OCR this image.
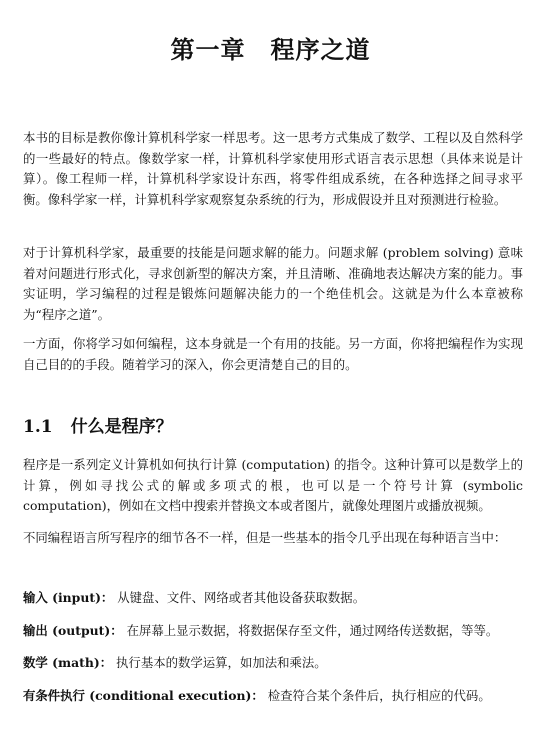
第一章　程序之道

本书的目标是教你像计算机科学家一样思考。这一思考方式集成了数学、工程以及自然科学的一些最好的特点。像数学家一样，计算机科学家使用形式语言表示思想（具体来说是计算）。像工程师一样，计算机科学家设计东西，将零件组成系统，在各种选择之间寻求平衡。像科学家一样，计算机科学家观察复杂系统的行为，形成假设并且对预测进行检验。

对于计算机科学家，最重要的技能是问题求解的能力。问题求解 (problem solving) 意味着对问题进行形式化，寻求创新型的解决方案，并且清晰、准确地表达解决方案的能力。事实证明，学习编程的过程是锻炼问题解决能力的一个绝佳机会。这就是为什么本章被称为“程序之道”。

一方面，你将学习如何编程，这本身就是一个有用的技能。另一方面，你将把编程作为实现自己目的的手段。随着学习的深入，你会更清楚自己的目的。

1.1 什么是程序？

程序是一系列定义计算机如何执行计算 (computation) 的指令。这种计算可以是数学上的计算，例如寻找公式的解或多项式的根，也可以是一个符号计算 (symbolic computation)，例如在文档中搜索并替换文本或者图片，就像处理图片或播放视频。

不同编程语言所写程序的细节各不一样，但是一些基本的指令几乎出现在每种语言当中：

输入 (input)： 从键盘、文件、网络或者其他设备获取数据。

输出 (output)： 在屏幕上显示数据，将数据保存至文件，通过网络传送数据，等等。

数学 (math)： 执行基本的数学运算，如加法和乘法。

有条件执行 (conditional execution)： 检查符合某个条件后，执行相应的代码。
